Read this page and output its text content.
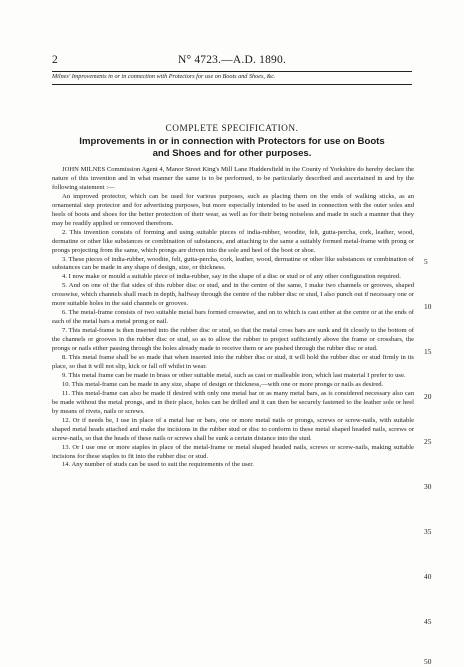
2	N° 4723.—A.D. 1890.
Milnes' Improvements in or in connection with Protectors for use on Boots and Shoes, &c.
COMPLETE SPECIFICATION.
Improvements in or in connection with Protectors for use on Boots
and Shoes and for other purposes.

JOHN MILNES Commission Agent 4, Manor Street King's Mill Lane Huddersfield in the County of Yorkshire do hereby declare the nature of this invention and in what manner the same is to be performed, to be particularly described and ascertained in and by the following statement :—

An improved protector, which can be used for various purposes, such as placing them on the ends of walking sticks, as an ornamental step protector and for advertising purposes, but more especially intended to be used in connection with the outer soles and heels of boots and shoes for the better protection of their wear, as well as for their being noiseless and made in such a manner that they may be readily applied or removed therefrom.

2. This invention consists of forming and using suitable pieces of india-rubber, woodite, felt, gutta-percha, cork, leather, wood, dermatine or other like substances or combination of substances, and attaching to the same a suitably formed metal-frame with prong or prongs projecting from the same, which prongs are driven into the sole and heel of the boot or shoe.

3. These pieces of india-rubber, woodite, felt, gutta-percha, cork, leather, wood, dermatine or other like substances or combination of substances can be made in any shape of design, size, or thickness.

4. I now make or mould a suitable piece of india-rubber, say in the shape of a disc or stud or of any other configuration required.

5. And on one of the flat sides of this rubber disc or stud, and in the centre of the same, I make two channels or grooves, shaped crosswise, which channels shall reach in depth, halfway through the centre of the rubber disc or stud, I also punch out if necessary one or more suitable holes in the said channels or grooves.

6. The metal-frame consists of two suitable metal bars formed crosswise, and on to which is cast either at the centre or at the ends of each of the metal bars a metal prong or nail.

7. This metal-frame is then inserted into the rubber disc or stud, so that the metal cross bars are sunk and fit closely to the bottom of the channels or grooves in the rubber disc or stud, so as to allow the rubber to project sufficiently above the frame or crossbars, the prongs or nails either passing through the holes already made to receive them or are pushed through the rubber disc or stud.

8. This metal frame shall be so made that when inserted into the rubber disc or stud, it will hold the rubber disc or stud firmly in its place, so that it will not slip, kick or fall off whilst in wear.

9. This metal frame can be made in brass or other suitable metal, such as cast or malleable iron, which last material I prefer to use.

10. This metal-frame can be made in any size, shape of design or thickness,—with one or more prongs or nails as desired.

11. This metal-frame can also be made if desired with only one metal bar or as many metal bars, as is considered necessary also can be made without the metal prongs, and in their place, holes can be drilled and it can then be securely fastened to the leather sole or heel by means of rivets, nails or screws.

12. Or if needs be, I use in place of a metal bar or bars, one or more metal nails or prongs, screws or screw-nails, with suitable shaped metal heads attached and make the incisions in the rubber stud or disc to conform to these metal shaped headed nails, screws or screw-nails, so that the heads of these nails or screws shall be sunk a certain distance into the stud.

13. Or I use one or more staples in place of the metal-frame or metal shaped headed nails, screws or screw-nails, making suitable incisions for these staples to fit into the rubber disc or stud.

14. Any number of studs can be used to suit the requirements of the user.

5
10
15
20
25
30
35
40
45
50
